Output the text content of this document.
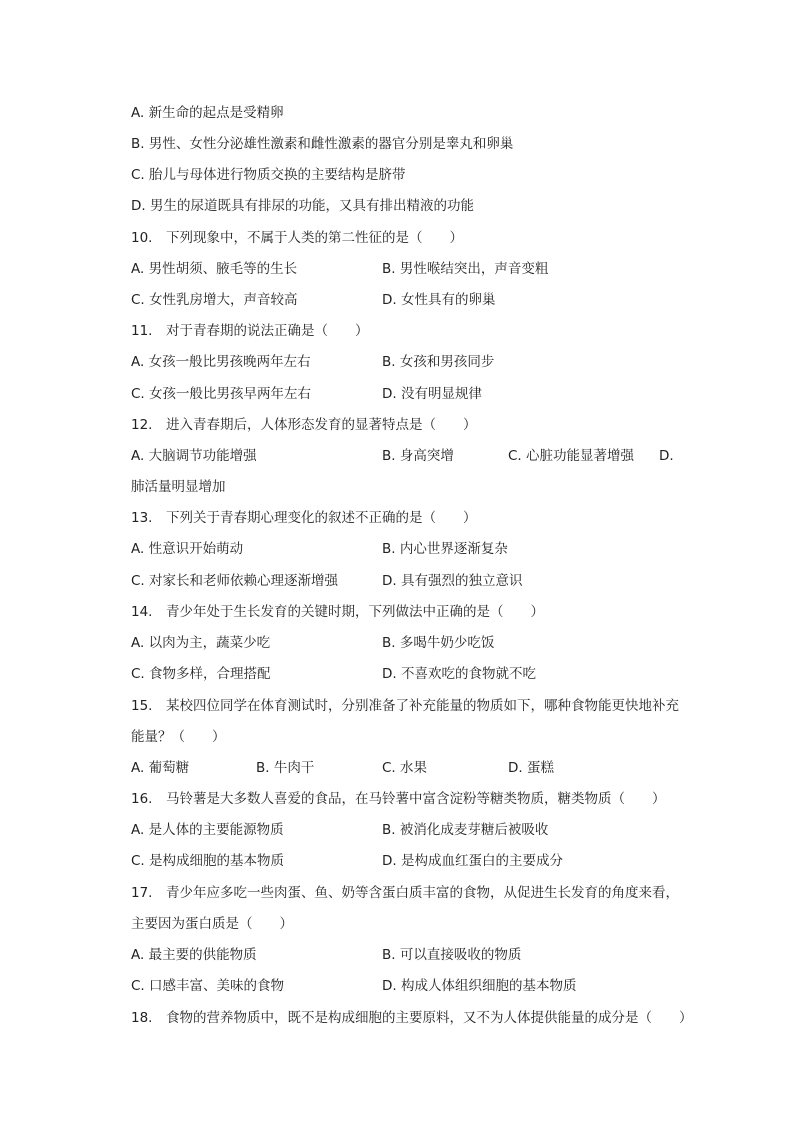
A. 新生命的起点是受精卵
B. 男性、女性分泌雄性激素和雌性激素的器官分别是睾丸和卵巢
C. 胎儿与母体进行物质交换的主要结构是脐带
D. 男生的尿道既具有排尿的功能，又具有排出精液的功能
10.　下列现象中，不属于人类的第二性征的是（　　）
A. 男性胡须、腋毛等的生长	B. 男性喉结突出，声音变粗
C. 女性乳房增大，声音较高	D. 女性具有的卵巢
11.　对于青春期的说法正确是（　　）
A. 女孩一般比男孩晚两年左右	B. 女孩和男孩同步
C. 女孩一般比男孩早两年左右	D. 没有明显规律
12.　进入青春期后，人体形态发育的显著特点是（　　）
A. 大脑调节功能增强	B. 身高突增	C. 心脏功能显著增强 D.
肺活量明显增加
13.　下列关于青春期心理变化的叙述不正确的是（　　）
A. 性意识开始萌动	B. 内心世界逐渐复杂
C. 对家长和老师依赖心理逐渐增强	D. 具有强烈的独立意识
14.　青少年处于生长发育的关键时期，下列做法中正确的是（　　）
A. 以肉为主，蔬菜少吃	B. 多喝牛奶少吃饭
C. 食物多样，合理搭配	D. 不喜欢吃的食物就不吃
15.　某校四位同学在体育测试时，分别准备了补充能量的物质如下，哪种食物能更快地补充
能量？（　　）
A. 葡萄糖	B. 牛肉干	C. 水果	D. 蛋糕
16.　马铃薯是大多数人喜爱的食品，在马铃薯中富含淀粉等糖类物质，糖类物质（　　）
A. 是人体的主要能源物质	B. 被消化成麦芽糖后被吸收
C. 是构成细胞的基本物质	D. 是构成血红蛋白的主要成分
17.　青少年应多吃一些肉蛋、鱼、奶等含蛋白质丰富的食物，从促进生长发育的角度来看，
主要因为蛋白质是（　　）
A. 最主要的供能物质	B. 可以直接吸收的物质
C. 口感丰富、美味的食物	D. 构成人体组织细胞的基本物质
18.　食物的营养物质中，既不是构成细胞的主要原料，又不为人体提供能量的成分是（　　）
